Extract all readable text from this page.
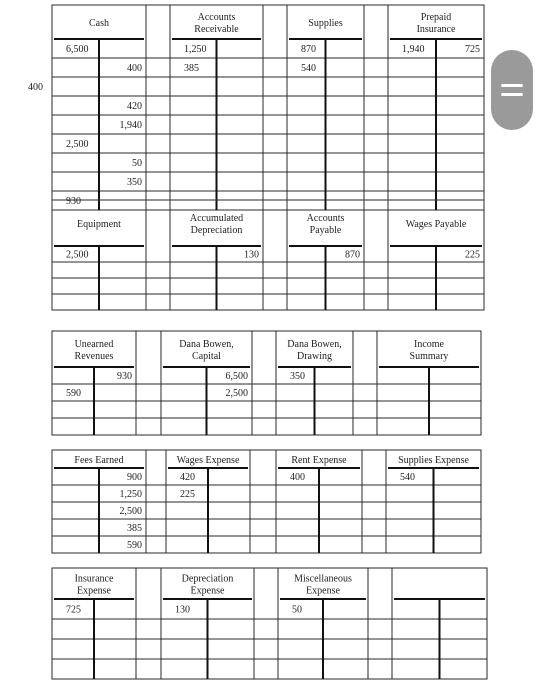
Cash
6,500
400
2,500
930
400
420
1,940
50
350
Accounts
Receivable
1,250
385
Supplies
870
540
Prepaid
Insurance
1,940	725
Equipment
2,500
Accumulated
Depreciation
130
Accounts
Payable
870
Wages Payable
225
Unearned
Revenues
590
930
Dana Bowen,
Capital
6,500
2,500
Dana Bowen,
Drawing
350
Income
Summary
Fees Earned
900
1,250
2,500
385
590
Wages Expense
420
225
Rent Expense
400
Supplies Expense
540
Insurance
Expense
725
Depreciation
Expense
130
Miscellaneous
Expense
50
